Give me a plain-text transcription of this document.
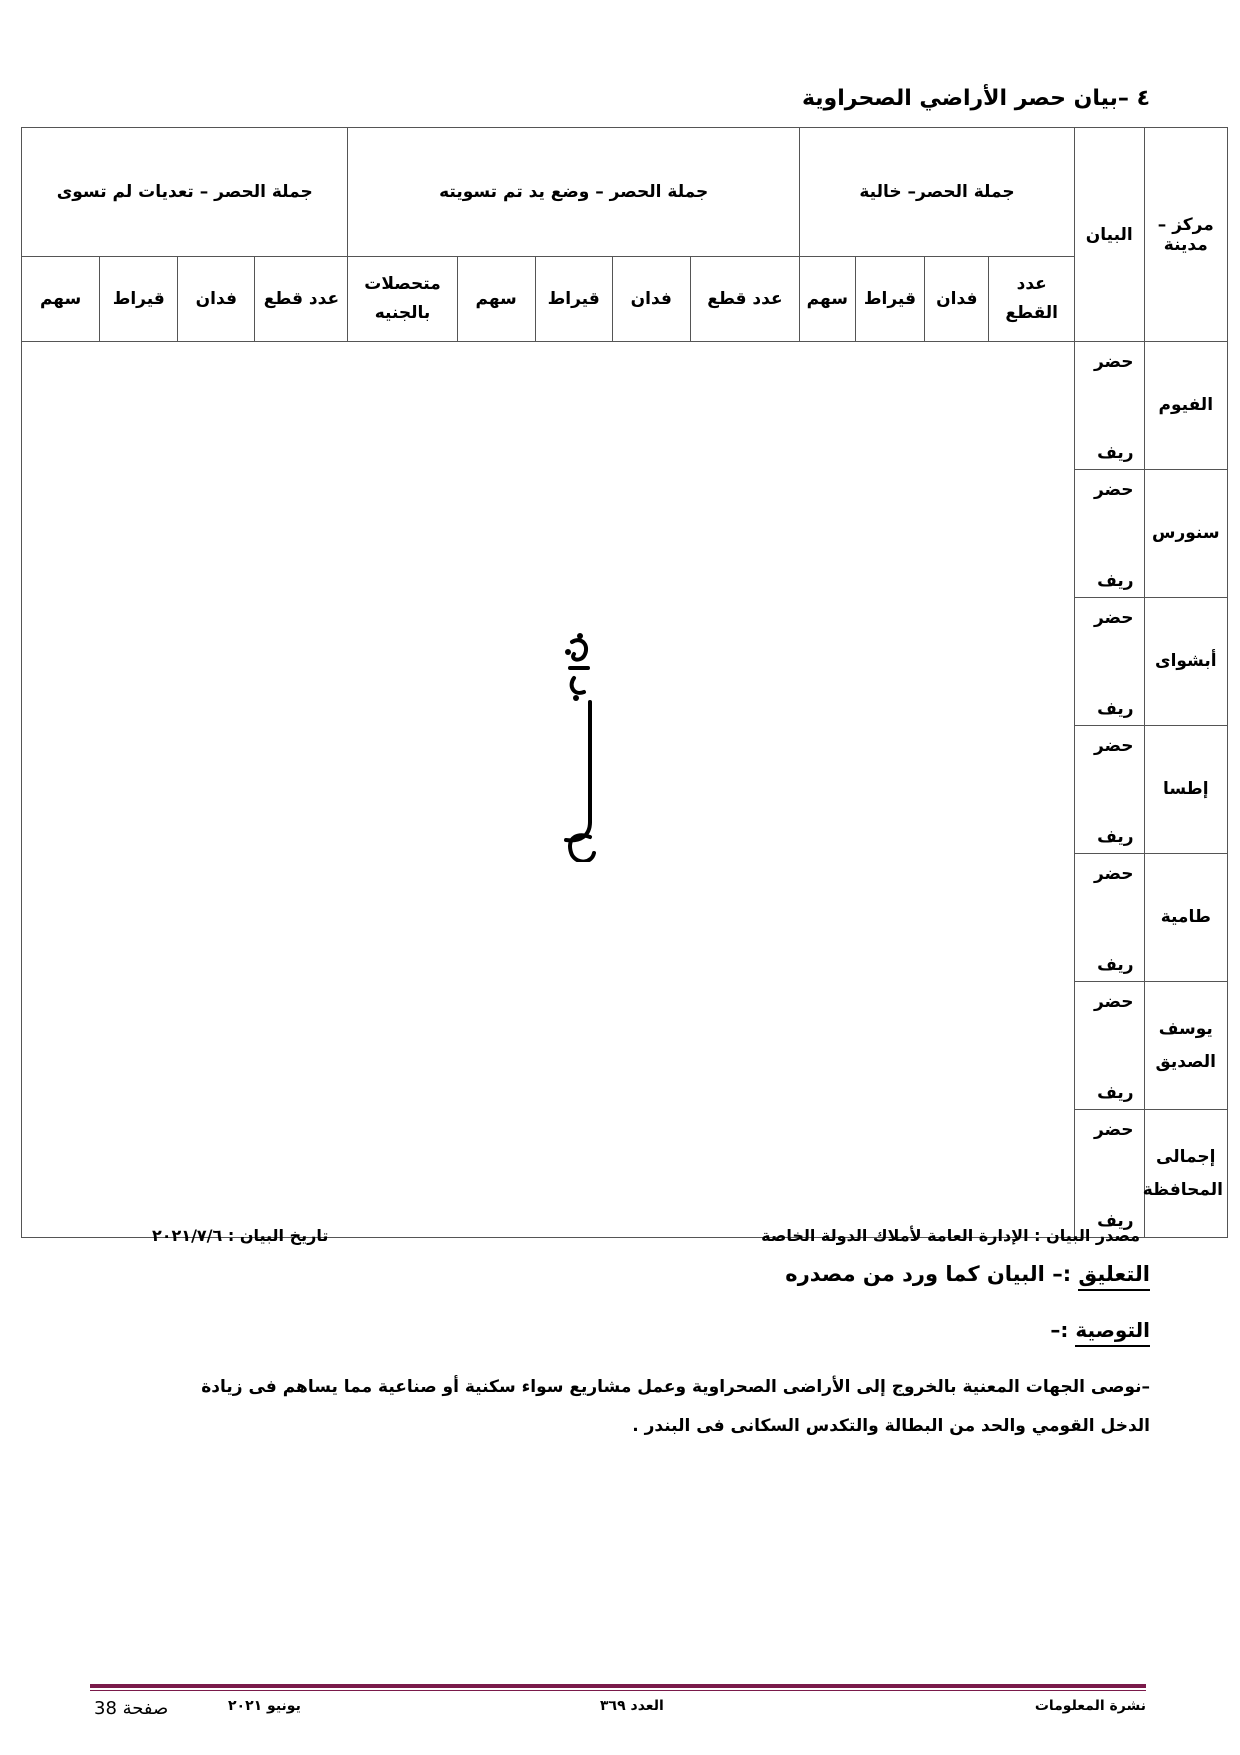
٤ –بيان حصر الأراضي الصحراوية
مركز – مدينة	البيان	جملة الحصر– خالية				جملة الحصر – وضع يد تم تسويته					جملة الحصر – تعديات لم تسوى			
		عدد القطع	فدان	قيراط	سهم	عدد قطع	فدان	قيراط	سهم	متحصلات بالجنيه	عدد قطع	فدان	قيراط	سهم
الفيوم	حضر
ريف

سنورس	حضر
ريف													

أبشواى	حضر
ريف													

إطسا	حضر
ريف													

طامية	حضر
ريف													

يوسف الصديق	حضر
ريف													

إجمالى المحافظة	حضر
ريف													
مصدر البيان : الإدارة العامة لأملاك الدولة الخاصة
تاريخ البيان : ٢٠٢١/٧/٦
التعليق :– البيان كما ورد من مصدره
التوصية :–
–نوصى الجهات المعنية بالخروج إلى الأراضى الصحراوية وعمل مشاريع سواء سكنية أو صناعية مما يساهم فى زيادة الدخل القومي والحد من البطالة والتكدس السكانى فى البندر .
نشرة المعلومات
العدد ٣٦٩
يونيو ٢٠٢١
صفحة 38
